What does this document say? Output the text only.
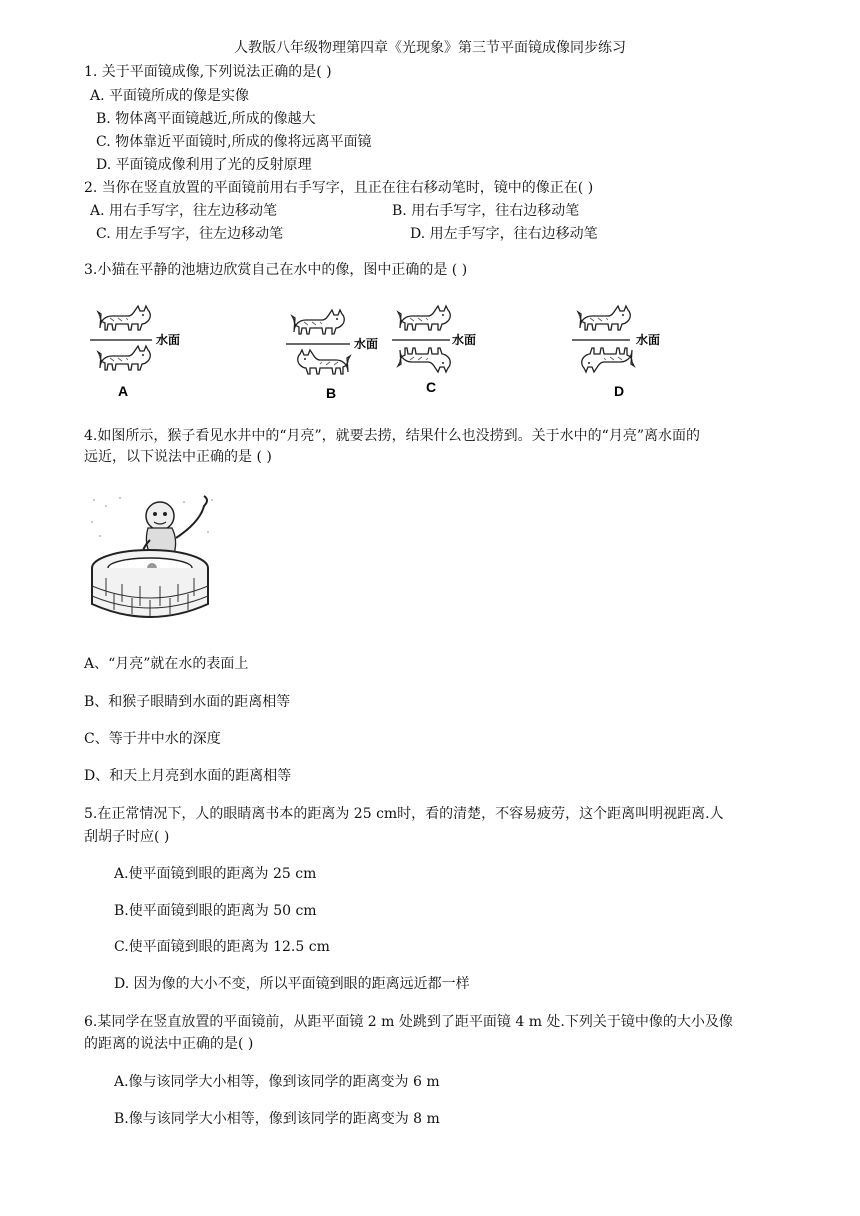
人教版八年级物理第四章《光现象》第三节平面镜成像同步练习
1. 关于平面镜成像,下列说法正确的是( )
A. 平面镜所成的像是实像
B. 物体离平面镜越近,所成的像越大
C. 物体靠近平面镜时,所成的像将远离平面镜
D. 平面镜成像利用了光的反射原理
2. 当你在竖直放置的平面镜前用右手写字，且正在往右移动笔时，镜中的像正在( )
A. 用右手写字，往左边移动笔	B. 用右手写字，往右边移动笔
C. 用左手写字，往左边移动笔	D. 用左手写字，往右边移动笔
3.小猫在平静的池塘边欣赏自己在水中的像，图中正确的是 ( )
水面
A
水面
B
水面
C
水面
D
4.如图所示，猴子看见水井中的“月亮”，就要去捞，结果什么也没捞到。关于水中的“月亮”离水面的
远近，以下说法中正确的是 ( )
A、“月亮”就在水的表面上
B、和猴子眼睛到水面的距离相等
C、等于井中水的深度
D、和天上月亮到水面的距离相等
5.在正常情况下，人的眼睛离书本的距离为 25 cm时，看的清楚，不容易疲劳，这个距离叫明视距离.人
刮胡子时应( )
A.使平面镜到眼的距离为 25 cm
B.使平面镜到眼的距离为 50 cm
C.使平面镜到眼的距离为 12.5 cm
D. 因为像的大小不变，所以平面镜到眼的距离远近都一样
6.某同学在竖直放置的平面镜前，从距平面镜 2 m 处跳到了距平面镜 4 m 处.下列关于镜中像的大小及像
的距离的说法中正确的是( )
A.像与该同学大小相等，像到该同学的距离变为 6 m
B.像与该同学大小相等，像到该同学的距离变为 8 m
